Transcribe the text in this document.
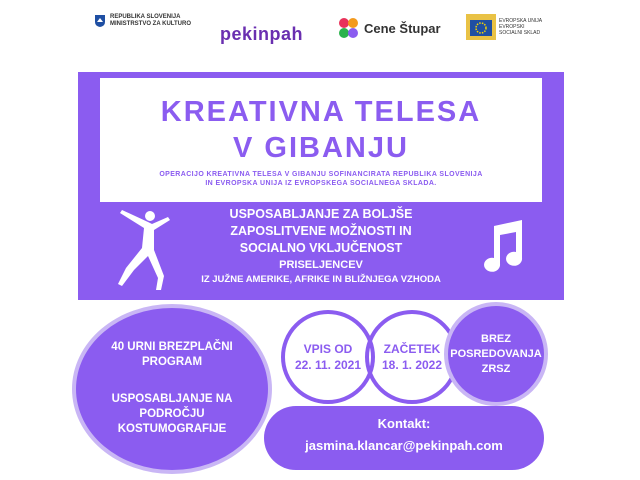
REPUBLIKA SLOVENIJA
MINISTRSTVO ZA KULTURO pekinpah	Cene Štupar	EVROPSKA UNIJA
EVROPSKI
SOCIALNI SKLAD
KREATIVNA TELESA
V GIBANJU
OPERACIJO KREATIVNA TELESA V GIBANJU SOFINANCIRATA REPUBLIKA SLOVENIJA
IN EVROPSKA UNIJA IZ EVROPSKEGA SOCIALNEGA SKLADA.
USPOSABLJANJE ZA BOLJŠE
ZAPOSLITVENE MOŽNOSTI IN
SOCIALNO VKLJUČENOST
PRISELJENCEV
IZ JUŽNE AMERIKE, AFRIKE IN BLIŽNJEGA VZHODA
40 URNI BREZPLAČNI
PROGRAM
USPOSABLJANJE NA
PODROČJU
KOSTUMOGRAFIJE
VPIS OD
22. 11. 2021
ZAČETEK
18. 1. 2022
BREZ
POSREDOVANJA
ZRSZ
Kontakt:
jasmina.klancar@pekinpah.com
